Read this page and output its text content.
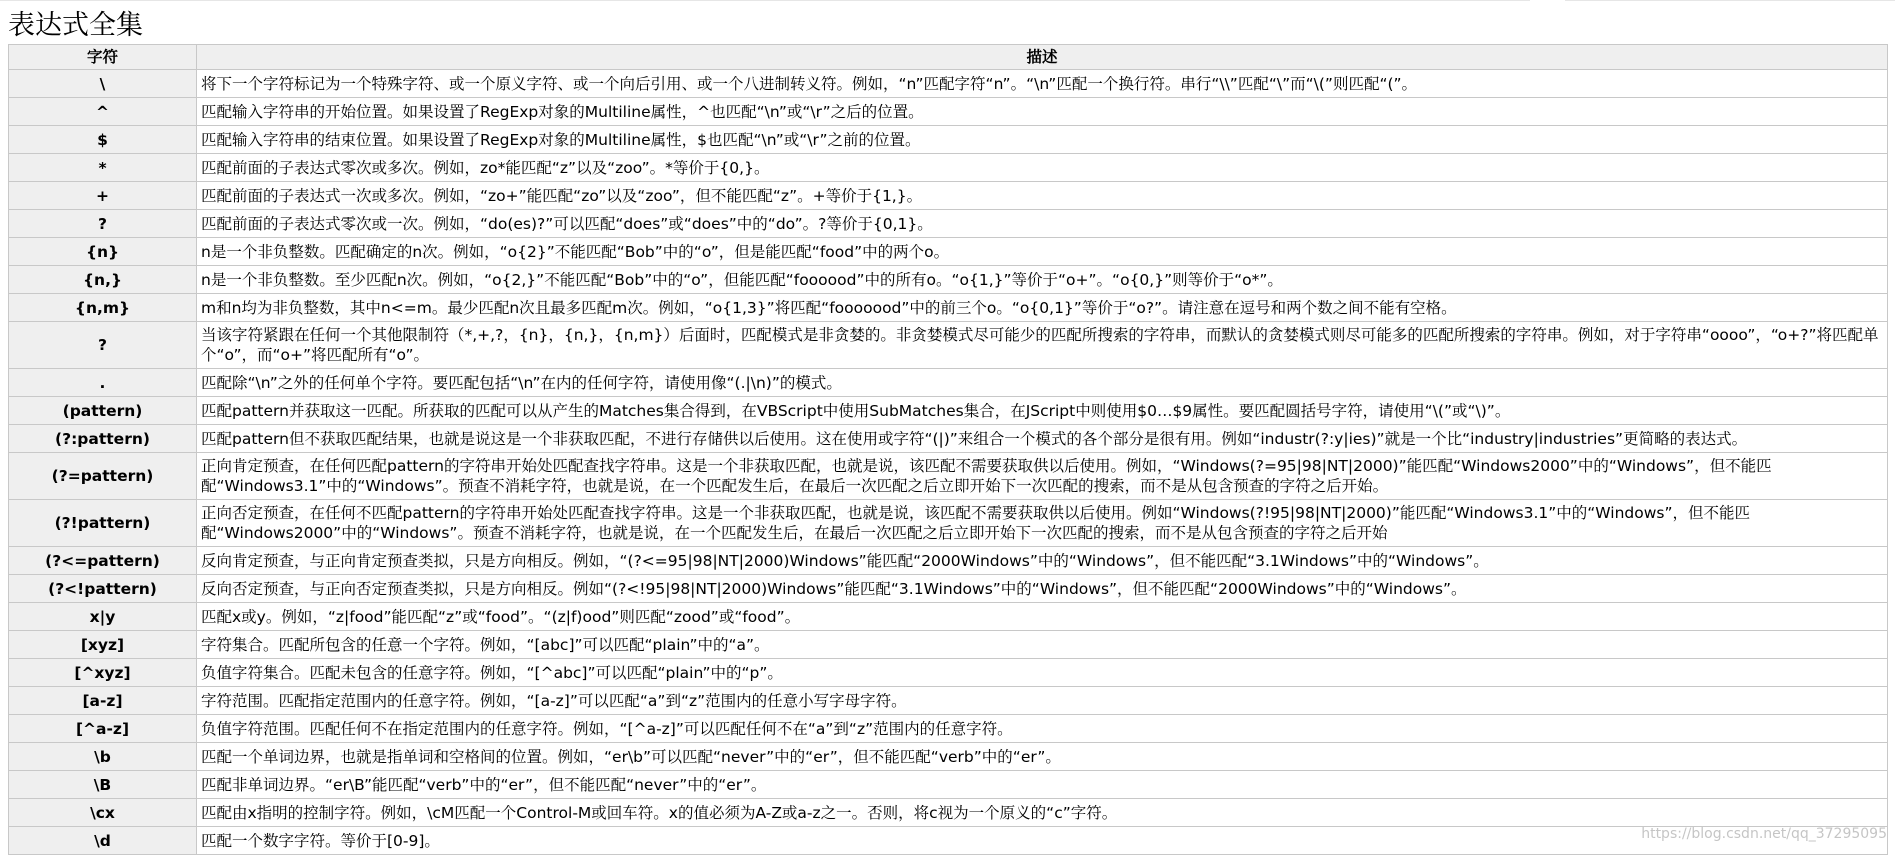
表达式全集
字符	描述
\	将下一个字符标记为一个特殊字符、或一个原义字符、或一个向后引用、或一个八进制转义符。例如，“n”匹配字符“n”。“\n”匹配一个换行符。串行“\\”匹配“\”而“\(”则匹配“(”。
^	匹配输入字符串的开始位置。如果设置了RegExp对象的Multiline属性，^也匹配“\n”或“\r”之后的位置。
$	匹配输入字符串的结束位置。如果设置了RegExp对象的Multiline属性，$也匹配“\n”或“\r”之前的位置。
*	匹配前面的子表达式零次或多次。例如，zo*能匹配“z”以及“zoo”。*等价于{0,}。
+	匹配前面的子表达式一次或多次。例如，“zo+”能匹配“zo”以及“zoo”，但不能匹配“z”。+等价于{1,}。
?	匹配前面的子表达式零次或一次。例如，“do(es)?”可以匹配“does”或“does”中的“do”。?等价于{0,1}。
{n}	n是一个非负整数。匹配确定的n次。例如，“o{2}”不能匹配“Bob”中的“o”，但是能匹配“food”中的两个o。
{n,}	n是一个非负整数。至少匹配n次。例如，“o{2,}”不能匹配“Bob”中的“o”，但能匹配“foooood”中的所有o。“o{1,}”等价于“o+”。“o{0,}”则等价于“o*”。
{n,m}	m和n均为非负整数，其中n<=m。最少匹配n次且最多匹配m次。例如，“o{1,3}”将匹配“fooooood”中的前三个o。“o{0,1}”等价于“o?”。请注意在逗号和两个数之间不能有空格。
?	当该字符紧跟在任何一个其他限制符（*,+,?，{n}，{n,}，{n,m}）后面时，匹配模式是非贪婪的。非贪婪模式尽可能少的匹配所搜索的字符串，而默认的贪婪模式则尽可能多的匹配所搜索的字符串。例如，对于字符串“oooo”，“o+?”将匹配单个“o”，而“o+”将匹配所有“o”。
.	匹配除“\n”之外的任何单个字符。要匹配包括“\n”在内的任何字符，请使用像“(.|\n)”的模式。
(pattern)	匹配pattern并获取这一匹配。所获取的匹配可以从产生的Matches集合得到，在VBScript中使用SubMatches集合，在JScript中则使用$0…$9属性。要匹配圆括号字符，请使用“\(”或“\)”。
(?:pattern)	匹配pattern但不获取匹配结果，也就是说这是一个非获取匹配，不进行存储供以后使用。这在使用或字符“(|)”来组合一个模式的各个部分是很有用。例如“industr(?:y|ies)”就是一个比“industry|industries”更简略的表达式。
(?=pattern)	正向肯定预查，在任何匹配pattern的字符串开始处匹配查找字符串。这是一个非获取匹配，也就是说，该匹配不需要获取供以后使用。例如，“Windows(?=95|98|NT|2000)”能匹配“Windows2000”中的“Windows”，但不能匹配“Windows3.1”中的“Windows”。预查不消耗字符，也就是说，在一个匹配发生后，在最后一次匹配之后立即开始下一次匹配的搜索，而不是从包含预查的字符之后开始。
(?!pattern)	正向否定预查，在任何不匹配pattern的字符串开始处匹配查找字符串。这是一个非获取匹配，也就是说，该匹配不需要获取供以后使用。例如“Windows(?!95|98|NT|2000)”能匹配“Windows3.1”中的“Windows”，但不能匹配“Windows2000”中的“Windows”。预查不消耗字符，也就是说，在一个匹配发生后，在最后一次匹配之后立即开始下一次匹配的搜索，而不是从包含预查的字符之后开始
(?<=pattern)	反向肯定预查，与正向肯定预查类拟，只是方向相反。例如，“(?<=95|98|NT|2000)Windows”能匹配“2000Windows”中的“Windows”，但不能匹配“3.1Windows”中的“Windows”。
(?<!pattern)	反向否定预查，与正向否定预查类拟，只是方向相反。例如“(?<!95|98|NT|2000)Windows”能匹配“3.1Windows”中的“Windows”，但不能匹配“2000Windows”中的“Windows”。
x|y	匹配x或y。例如，“z|food”能匹配“z”或“food”。“(z|f)ood”则匹配“zood”或“food”。
[xyz]	字符集合。匹配所包含的任意一个字符。例如，“[abc]”可以匹配“plain”中的“a”。
[^xyz]	负值字符集合。匹配未包含的任意字符。例如，“[^abc]”可以匹配“plain”中的“p”。
[a-z]	字符范围。匹配指定范围内的任意字符。例如，“[a-z]”可以匹配“a”到“z”范围内的任意小写字母字符。
[^a-z]	负值字符范围。匹配任何不在指定范围内的任意字符。例如，“[^a-z]”可以匹配任何不在“a”到“z”范围内的任意字符。
\b	匹配一个单词边界，也就是指单词和空格间的位置。例如，“er\b”可以匹配“never”中的“er”，但不能匹配“verb”中的“er”。
\B	匹配非单词边界。“er\B”能匹配“verb”中的“er”，但不能匹配“never”中的“er”。
\cx	匹配由x指明的控制字符。例如，\cM匹配一个Control-M或回车符。x的值必须为A-Z或a-z之一。否则，将c视为一个原义的“c”字符。
\d	匹配一个数字字符。等价于[0-9]。	https://blog.csdn.net/qq_37295095
